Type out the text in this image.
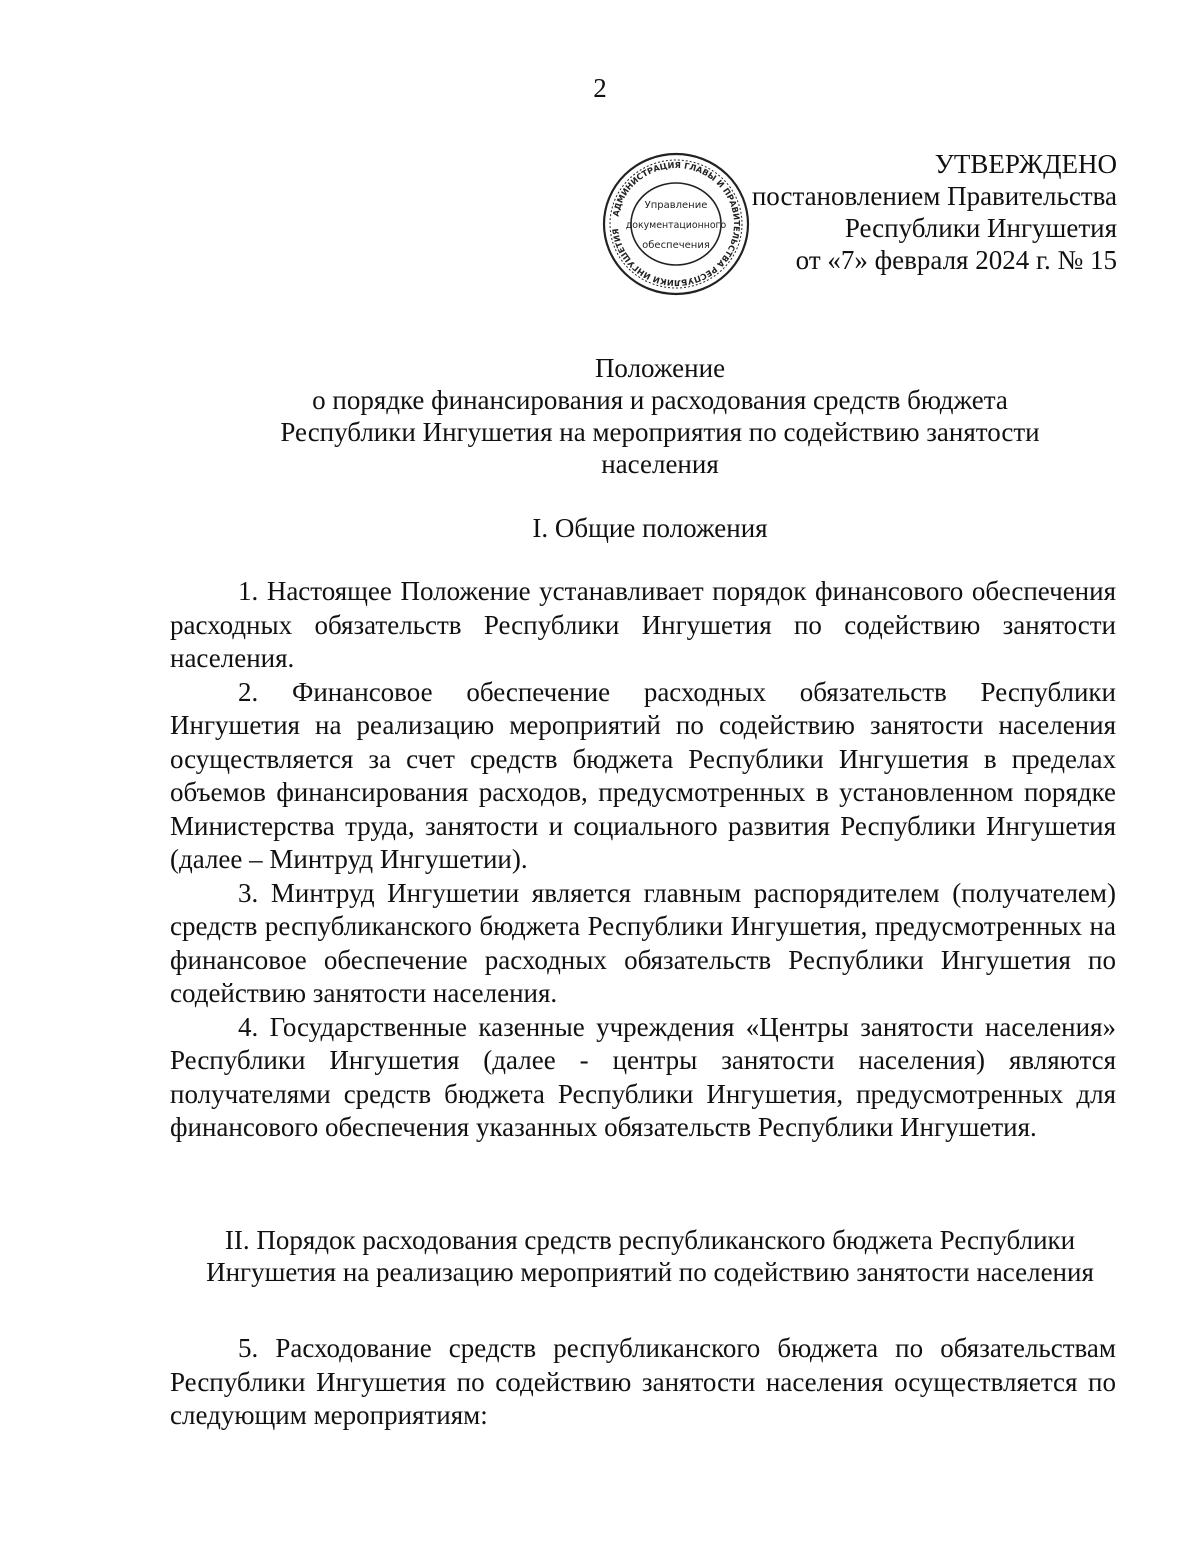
2
АДМИНИСТРАЦИЯ ГЛАВЫ И ПРАВИТЕЛЬСТВА РЕСПУБЛИКИ ИНГУШЕТИЯ
Управление
документационного
обеспечения
УТВЕРЖДЕНО
постановлением Правительства
Республики Ингушетия
от «7» февраля 2024 г. № 15
Положение
о порядке финансирования и расходования средств бюджета
Республики Ингушетия на мероприятия по содействию занятости
населения
I. Общие положения

1. Настоящее Положение устанавливает порядок финансового обеспечения расходных обязательств Республики Ингушетия по содействию занятости населения.

2. Финансовое обеспечение расходных обязательств Республики Ингушетия на реализацию мероприятий по содействию занятости населения осуществляется за счет средств бюджета Республики Ингушетия в пределах объемов финансирования расходов, предусмотренных в установленном порядке Министерства труда, занятости и социального развития Республики Ингушетия (далее – Минтруд Ингушетии).

3. Минтруд Ингушетии является главным распорядителем (получателем) средств республиканского бюджета Республики Ингушетия, предусмотренных на финансовое обеспечение расходных обязательств Республики Ингушетия по содействию занятости населения.

4. Государственные казенные учреждения «Центры занятости населения» Республики Ингушетия (далее - центры занятости населения) являются получателями средств бюджета Республики Ингушетия, предусмотренных для финансового обеспечения указанных обязательств Республики Ингушетия.

II. Порядок расходования средств республиканского бюджета Республики
Ингушетия на реализацию мероприятий по содействию занятости населения

5. Расходование средств республиканского бюджета по обязательствам Республики Ингушетия по содействию занятости населения осуществляется по следующим мероприятиям:
